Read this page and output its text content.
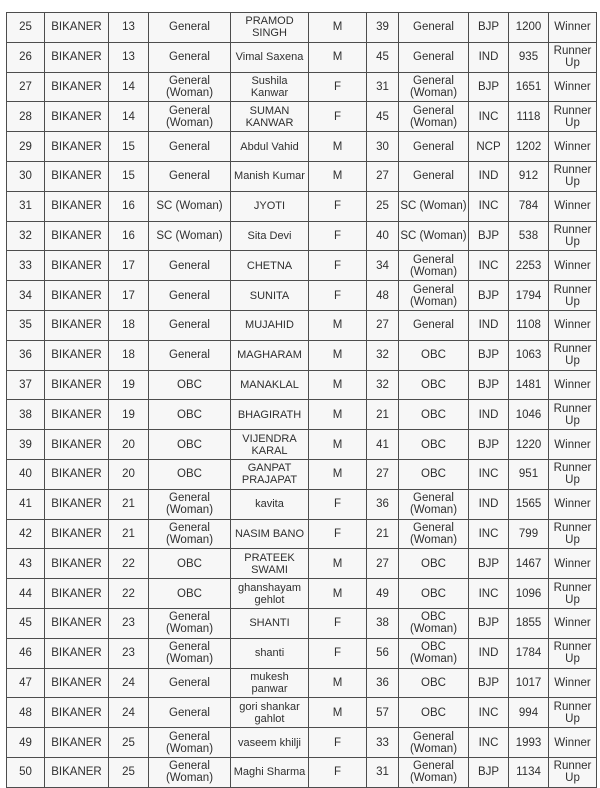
25	BIKANER	13	General	PRAMOD SINGH	M	39	General	BJP	1200	Winner
26	BIKANER	13	General	Vimal Saxena	M	45	General	IND	935	Runner Up
27	BIKANER	14	General (Woman)	Sushila Kanwar	F	31	General (Woman)	BJP	1651	Winner
28	BIKANER	14	General (Woman)	SUMAN KANWAR	F	45	General (Woman)	INC	1118	Runner Up
29	BIKANER	15	General	Abdul Vahid	M	30	General	NCP	1202	Winner
30	BIKANER	15	General	Manish Kumar	M	27	General	IND	912	Runner Up
31	BIKANER	16	SC (Woman)	JYOTI	F	25	SC (Woman)	INC	784	Winner
32	BIKANER	16	SC (Woman)	Sita Devi	F	40	SC (Woman)	BJP	538	Runner Up
33	BIKANER	17	General	CHETNA	F	34	General (Woman)	INC	2253	Winner
34	BIKANER	17	General	SUNITA	F	48	General (Woman)	BJP	1794	Runner Up
35	BIKANER	18	General	MUJAHID	M	27	General	IND	1108	Winner
36	BIKANER	18	General	MAGHARAM	M	32	OBC	BJP	1063	Runner Up
37	BIKANER	19	OBC	MANAKLAL	M	32	OBC	BJP	1481	Winner
38	BIKANER	19	OBC	BHAGIRATH	M	21	OBC	IND	1046	Runner Up
39	BIKANER	20	OBC	VIJENDRA KARAL	M	41	OBC	BJP	1220	Winner
40	BIKANER	20	OBC	GANPAT PRAJAPAT	M	27	OBC	INC	951	Runner Up
41	BIKANER	21	General (Woman)	kavita	F	36	General (Woman)	IND	1565	Winner
42	BIKANER	21	General (Woman)	NASIM BANO	F	21	General (Woman)	INC	799	Runner Up
43	BIKANER	22	OBC	PRATEEK SWAMI	M	27	OBC	BJP	1467	Winner
44	BIKANER	22	OBC	ghanshayam gehlot	M	49	OBC	INC	1096	Runner Up
45	BIKANER	23	General (Woman)	SHANTI	F	38	OBC (Woman)	BJP	1855	Winner
46	BIKANER	23	General (Woman)	shanti	F	56	OBC (Woman)	IND	1784	Runner Up
47	BIKANER	24	General	mukesh panwar	M	36	OBC	BJP	1017	Winner
48	BIKANER	24	General	gori shankar gahlot	M	57	OBC	INC	994	Runner Up
49	BIKANER	25	General (Woman)	vaseem khilji	F	33	General (Woman)	INC	1993	Winner
50	BIKANER	25	General (Woman)	Maghi Sharma	F	31	General (Woman)	BJP	1134	Runner Up
